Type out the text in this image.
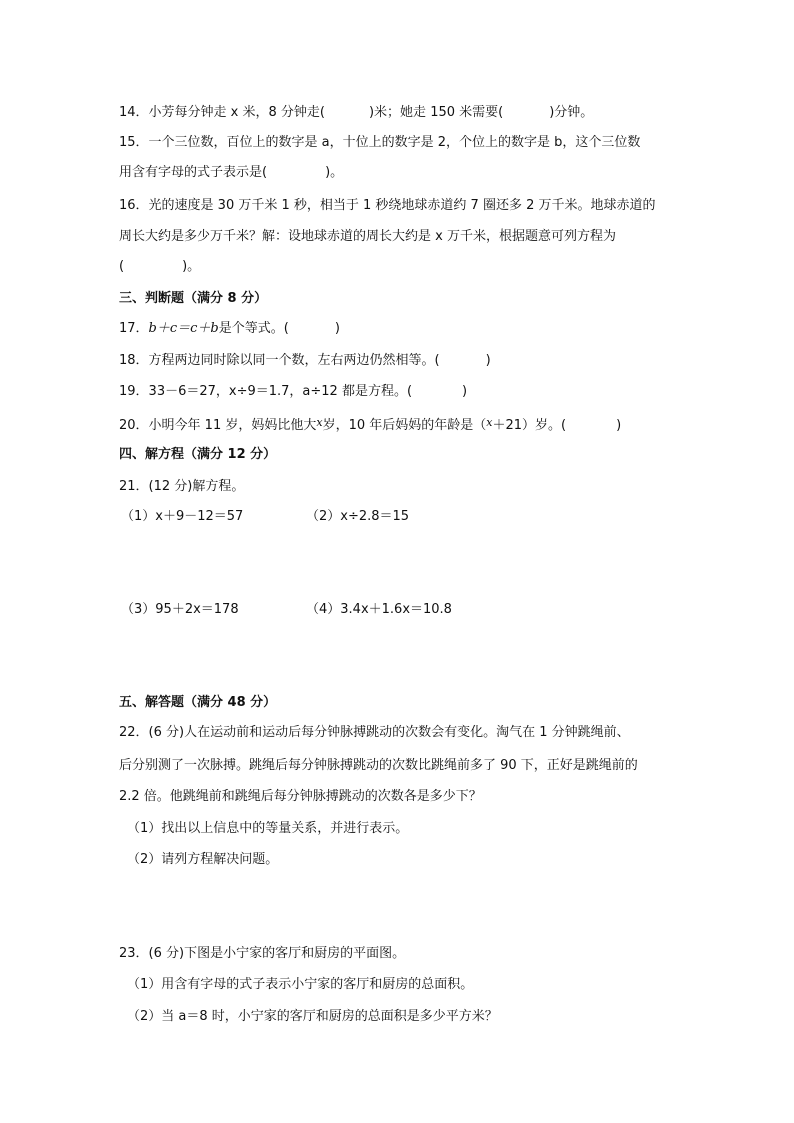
14．小芳每分钟走 x 米，8 分钟走(	)米；她走 150 米需要(	)分钟。
15．一个三位数，百位上的数字是 a，十位上的数字是 2，个位上的数字是 b，这个三位数
用含有字母的式子表示是(	)。
16．光的速度是 30 万千米 1 秒，相当于 1 秒绕地球赤道约 7 圈还多 2 万千米。地球赤道的
周长大约是多少万千米？解：设地球赤道的周长大约是 x 万千米，根据题意可列方程为
(	)。
三、判断题（满分 8 分）
17．b＋c＝c＋b是个等式。(	)
18．方程两边同时除以同一个数，左右两边仍然相等。(	)
19．33－6＝27，x÷9＝1.7，a÷12 都是方程。(	)
20．小明今年 11 岁，妈妈比他大$^x$岁，10 年后妈妈的年龄是（$^x$＋21）岁。(	)
四、解方程（满分 12 分）
21．(12 分)解方程。
（1）x＋9－12＝57	（2）x÷2.8＝15
（3）95＋2x＝178	（4）3.4x＋1.6x＝10.8
五、解答题（满分 48 分）
22．(6 分)人在运动前和运动后每分钟脉搏跳动的次数会有变化。淘气在 1 分钟跳绳前、
后分别测了一次脉搏。跳绳后每分钟脉搏跳动的次数比跳绳前多了 90 下，正好是跳绳前的
2.2 倍。他跳绳前和跳绳后每分钟脉搏跳动的次数各是多少下？
（1）找出以上信息中的等量关系，并进行表示。
（2）请列方程解决问题。
23．(6 分)下图是小宁家的客厅和厨房的平面图。
（1）用含有字母的式子表示小宁家的客厅和厨房的总面积。
（2）当 a＝8 时，小宁家的客厅和厨房的总面积是多少平方米？
